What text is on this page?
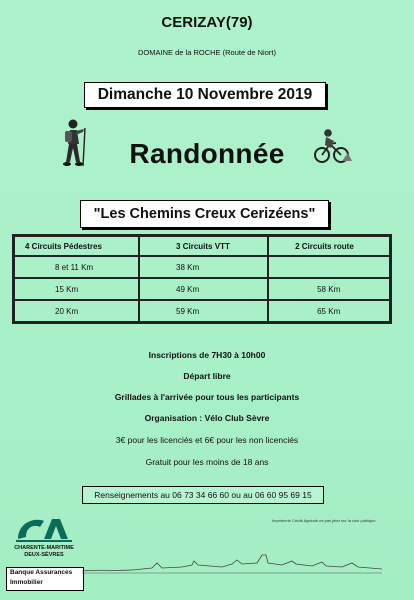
CERIZAY(79)
DOMAINE de la ROCHE (Route de Niort)
Dimanche 10 Novembre 2019
Randonnée
"Les Chemins Creux Cerizéens"
4 Circuits Pédestres	3 Circuits VTT	2 Circuits route
8 et 11 Km	38 Km	
15 Km	49 Km	58 Km
20 Km	59 Km	65 Km
Inscriptions de 7H30 à 10h00
Départ libre
Grillades à l'arrivée pour tous les participants
Organisation : Vélo Club Sèvre
3€ pour les licenciés et 6€ pour les non licenciés
Gratuit pour les moins de 18 ans
Renseignements au 06 73 34 66 60 ou au 06 60 95 69 15
Imprimerie Crédit Agricole ne pas jeter sur la voie publique
CHARENTE-MARITIME
DEUX-SÈVRES
Banque Assurances
Immobilier
